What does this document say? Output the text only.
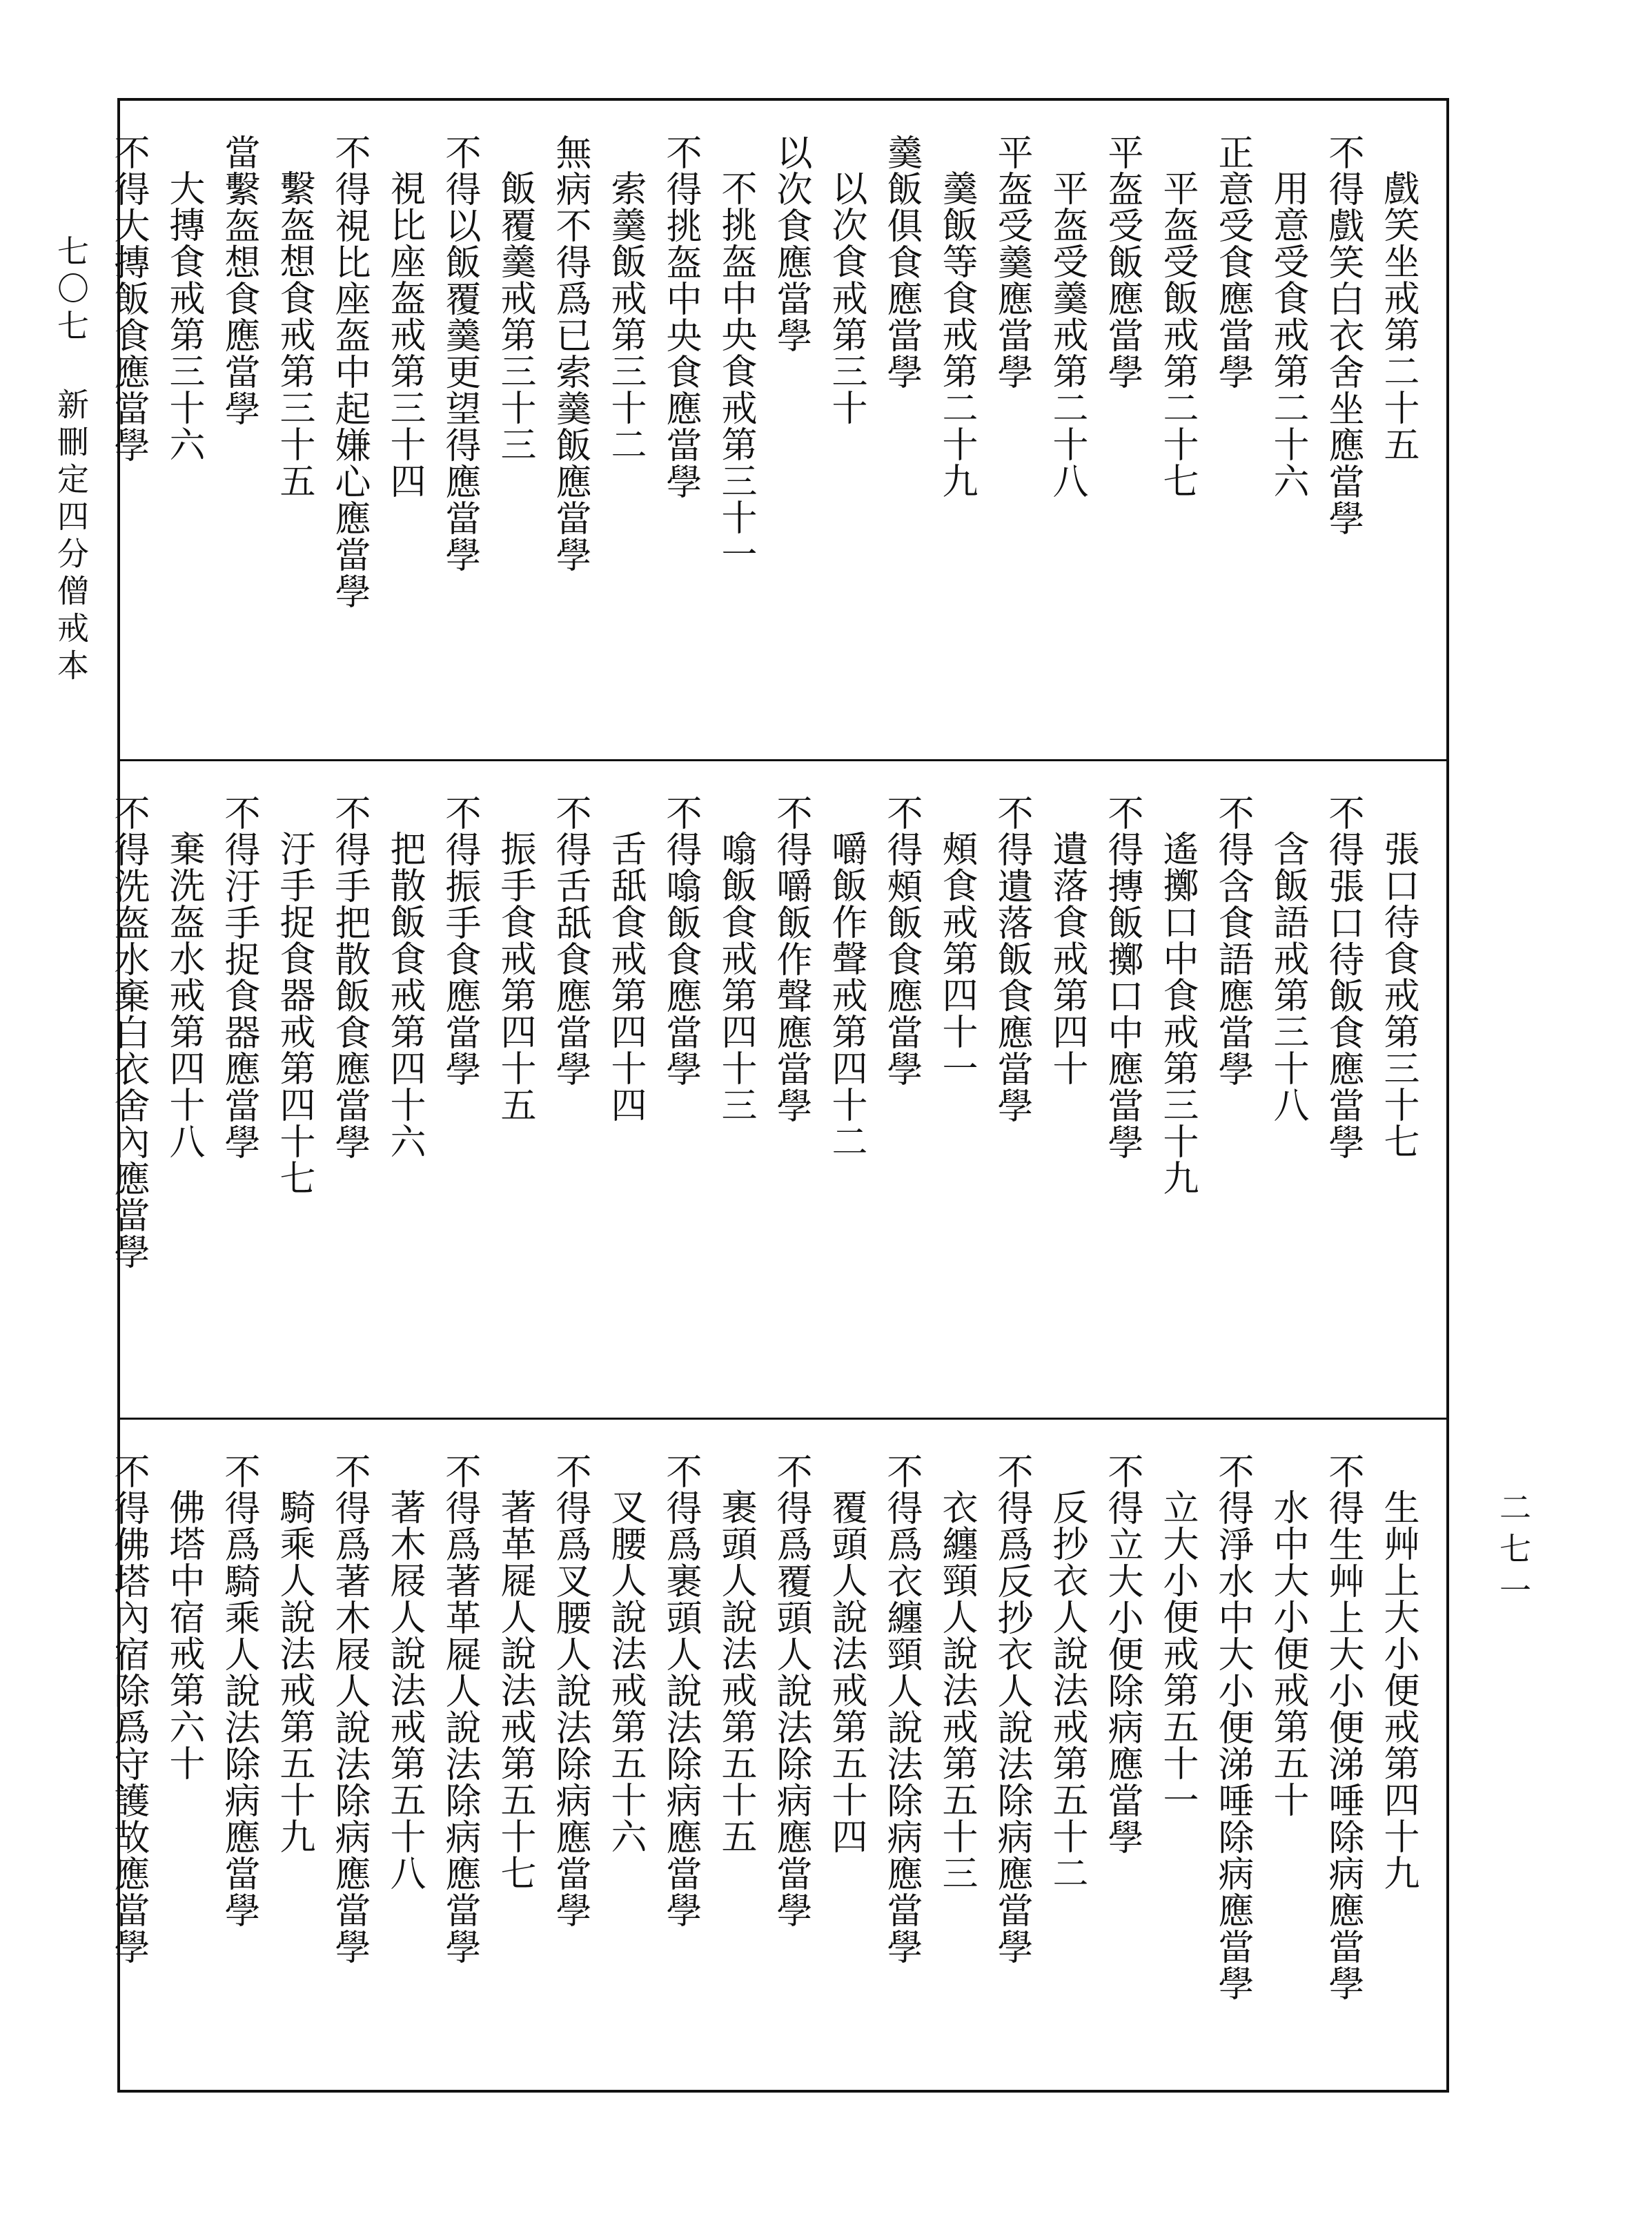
戲笑坐戒第二十五
不得戲笑白衣舍坐應當學
用意受食戒第二十六
正意受食應當學
平盔受飯戒第二十七
平盔受飯應當學
平盔受羹戒第二十八
平盔受羹應當學
羹飯等食戒第二十九
羹飯俱食應當學
以次食戒第三十
以次食應當學
不挑盔中央食戒第三十一
不得挑盔中央食應當學
索羹飯戒第三十二
無病不得爲已索羹飯應當學
飯覆羹戒第三十三
不得以飯覆羹更望得應當學
視比座盔戒第三十四
不得視比座盔中起嫌心應當學
繫盔想食戒第三十五
當繫盔想食應當學
大摶食戒第三十六
不得大摶飯食應當學
張口待食戒第三十七
不得張口待飯食應當學
含飯語戒第三十八
不得含食語應當學
遙擲口中食戒第三十九
不得摶飯擲口中應當學
遺落食戒第四十
不得遺落飯食應當學
頰食戒第四十一
不得頰飯食應當學
嚼飯作聲戒第四十二
不得嚼飯作聲應當學
噏飯食戒第四十三
不得噏飯食應當學
舌舐食戒第四十四
不得舌舐食應當學
振手食戒第四十五
不得振手食應當學
把散飯食戒第四十六
不得手把散飯食應當學
汙手捉食器戒第四十七
不得汙手捉食器應當學
棄洗盔水戒第四十八
不得洗盔水棄白衣舍內應當學
生艸上大小便戒第四十九
不得生艸上大小便涕唾除病應當學
水中大小便戒第五十
不得淨水中大小便涕唾除病應當學
立大小便戒第五十一
不得立大小便除病應當學
反抄衣人說法戒第五十二
不得爲反抄衣人說法除病應當學
衣纏頸人說法戒第五十三
不得爲衣纏頸人說法除病應當學
覆頭人說法戒第五十四
不得爲覆頭人說法除病應當學
裹頭人說法戒第五十五
不得爲裹頭人說法除病應當學
叉腰人說法戒第五十六
不得爲叉腰人說法除病應當學
著革屣人說法戒第五十七
不得爲著革屣人說法除病應當學
著木屐人說法戒第五十八
不得爲著木屐人說法除病應當學
騎乘人說法戒第五十九
不得爲騎乘人說法除病應當學
佛塔中宿戒第六十
不得佛塔內宿除爲守護故應當學
七〇七新刪定四分僧戒本
二七一
